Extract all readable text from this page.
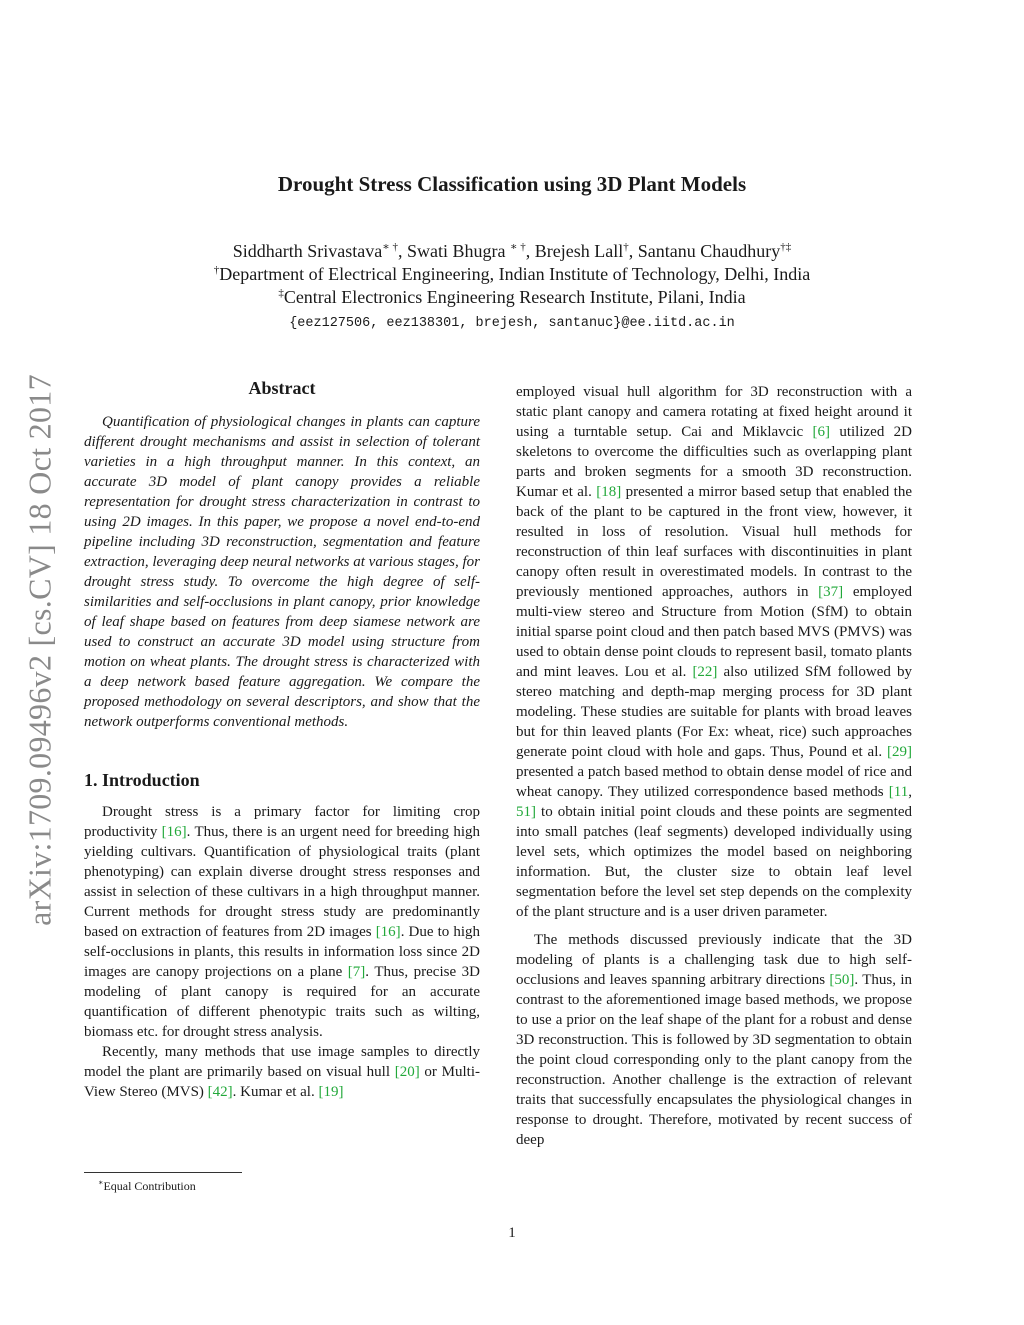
Drought Stress Classification using 3D Plant Models
Siddharth Srivastava∗ †, Swati Bhugra ∗ †, Brejesh Lall†, Santanu Chaudhury†‡
†Department of Electrical Engineering, Indian Institute of Technology, Delhi, India
‡Central Electronics Engineering Research Institute, Pilani, India
{eez127506, eez138301, brejesh, santanuc}@ee.iitd.ac.in
arXiv:1709.09496v2 [cs.CV] 18 Oct 2017	Abstract

Quantification of physiological changes in plants can capture different drought mechanisms and assist in selection of tolerant varieties in a high throughput manner. In this context, an accurate 3D model of plant canopy provides a reliable representation for drought stress characterization in contrast to using 2D images. In this paper, we propose a novel end-to-end pipeline including 3D reconstruction, segmentation and feature extraction, leveraging deep neural networks at various stages, for drought stress study. To overcome the high degree of self-similarities and self-occlusions in plant canopy, prior knowledge of leaf shape based on features from deep siamese network are used to construct an accurate 3D model using structure from motion on wheat plants. The drought stress is characterized with a deep network based feature aggregation. We compare the proposed methodology on several descriptors, and show that the network outperforms conventional methods.

1. Introduction

Drought stress is a primary factor for limiting crop productivity [16]. Thus, there is an urgent need for breeding high yielding cultivars. Quantification of physiological traits (plant phenotyping) can explain diverse drought stress responses and assist in selection of these cultivars in a high throughput manner. Current methods for drought stress study are predominantly based on extraction of features from 2D images [16]. Due to high self-occlusions in plants, this results in information loss since 2D images are canopy projections on a plane [7]. Thus, precise 3D modeling of plant canopy is required for an accurate quantification of different phenotypic traits such as wilting, biomass etc. for drought stress analysis.

Recently, many methods that use image samples to directly model the plant are primarily based on visual hull [20] or Multi-View Stereo (MVS) [42]. Kumar et al. [19]

employed visual hull algorithm for 3D reconstruction with a static plant canopy and camera rotating at fixed height around it using a turntable setup. Cai and Miklavcic [6] utilized 2D skeletons to overcome the difficulties such as overlapping plant parts and broken segments for a smooth 3D reconstruction. Kumar et al. [18] presented a mirror based setup that enabled the back of the plant to be captured in the front view, however, it resulted in loss of resolution. Visual hull methods for reconstruction of thin leaf surfaces with discontinuities in plant canopy often result in overestimated models. In contrast to the previously mentioned approaches, authors in [37] employed multi-view stereo and Structure from Motion (SfM) to obtain initial sparse point cloud and then patch based MVS (PMVS) was used to obtain dense point clouds to represent basil, tomato plants and mint leaves. Lou et al. [22] also utilized SfM followed by stereo matching and depth-map merging process for 3D plant modeling. These studies are suitable for plants with broad leaves but for thin leaved plants (For Ex: wheat, rice) such approaches generate point cloud with hole and gaps. Thus, Pound et al. [29] presented a patch based method to obtain dense model of rice and wheat canopy. They utilized correspondence based methods [11, 51] to obtain initial point clouds and these points are segmented into small patches (leaf segments) developed individually using level sets, which optimizes the model based on neighboring information. But, the cluster size to obtain leaf level segmentation before the level set step depends on the complexity of the plant structure and is a user driven parameter.

The methods discussed previously indicate that the 3D modeling of plants is a challenging task due to high self-occlusions and leaves spanning arbitrary directions [50]. Thus, in contrast to the aforementioned image based methods, we propose to use a prior on the leaf shape of the plant for a robust and dense 3D reconstruction. This is followed by 3D segmentation to obtain the point cloud corresponding only to the plant canopy from the reconstruction. Another challenge is the extraction of relevant traits that successfully encapsulates the physiological changes in response to drought. Therefore, motivated by recent success of deep

∗Equal Contribution
1
